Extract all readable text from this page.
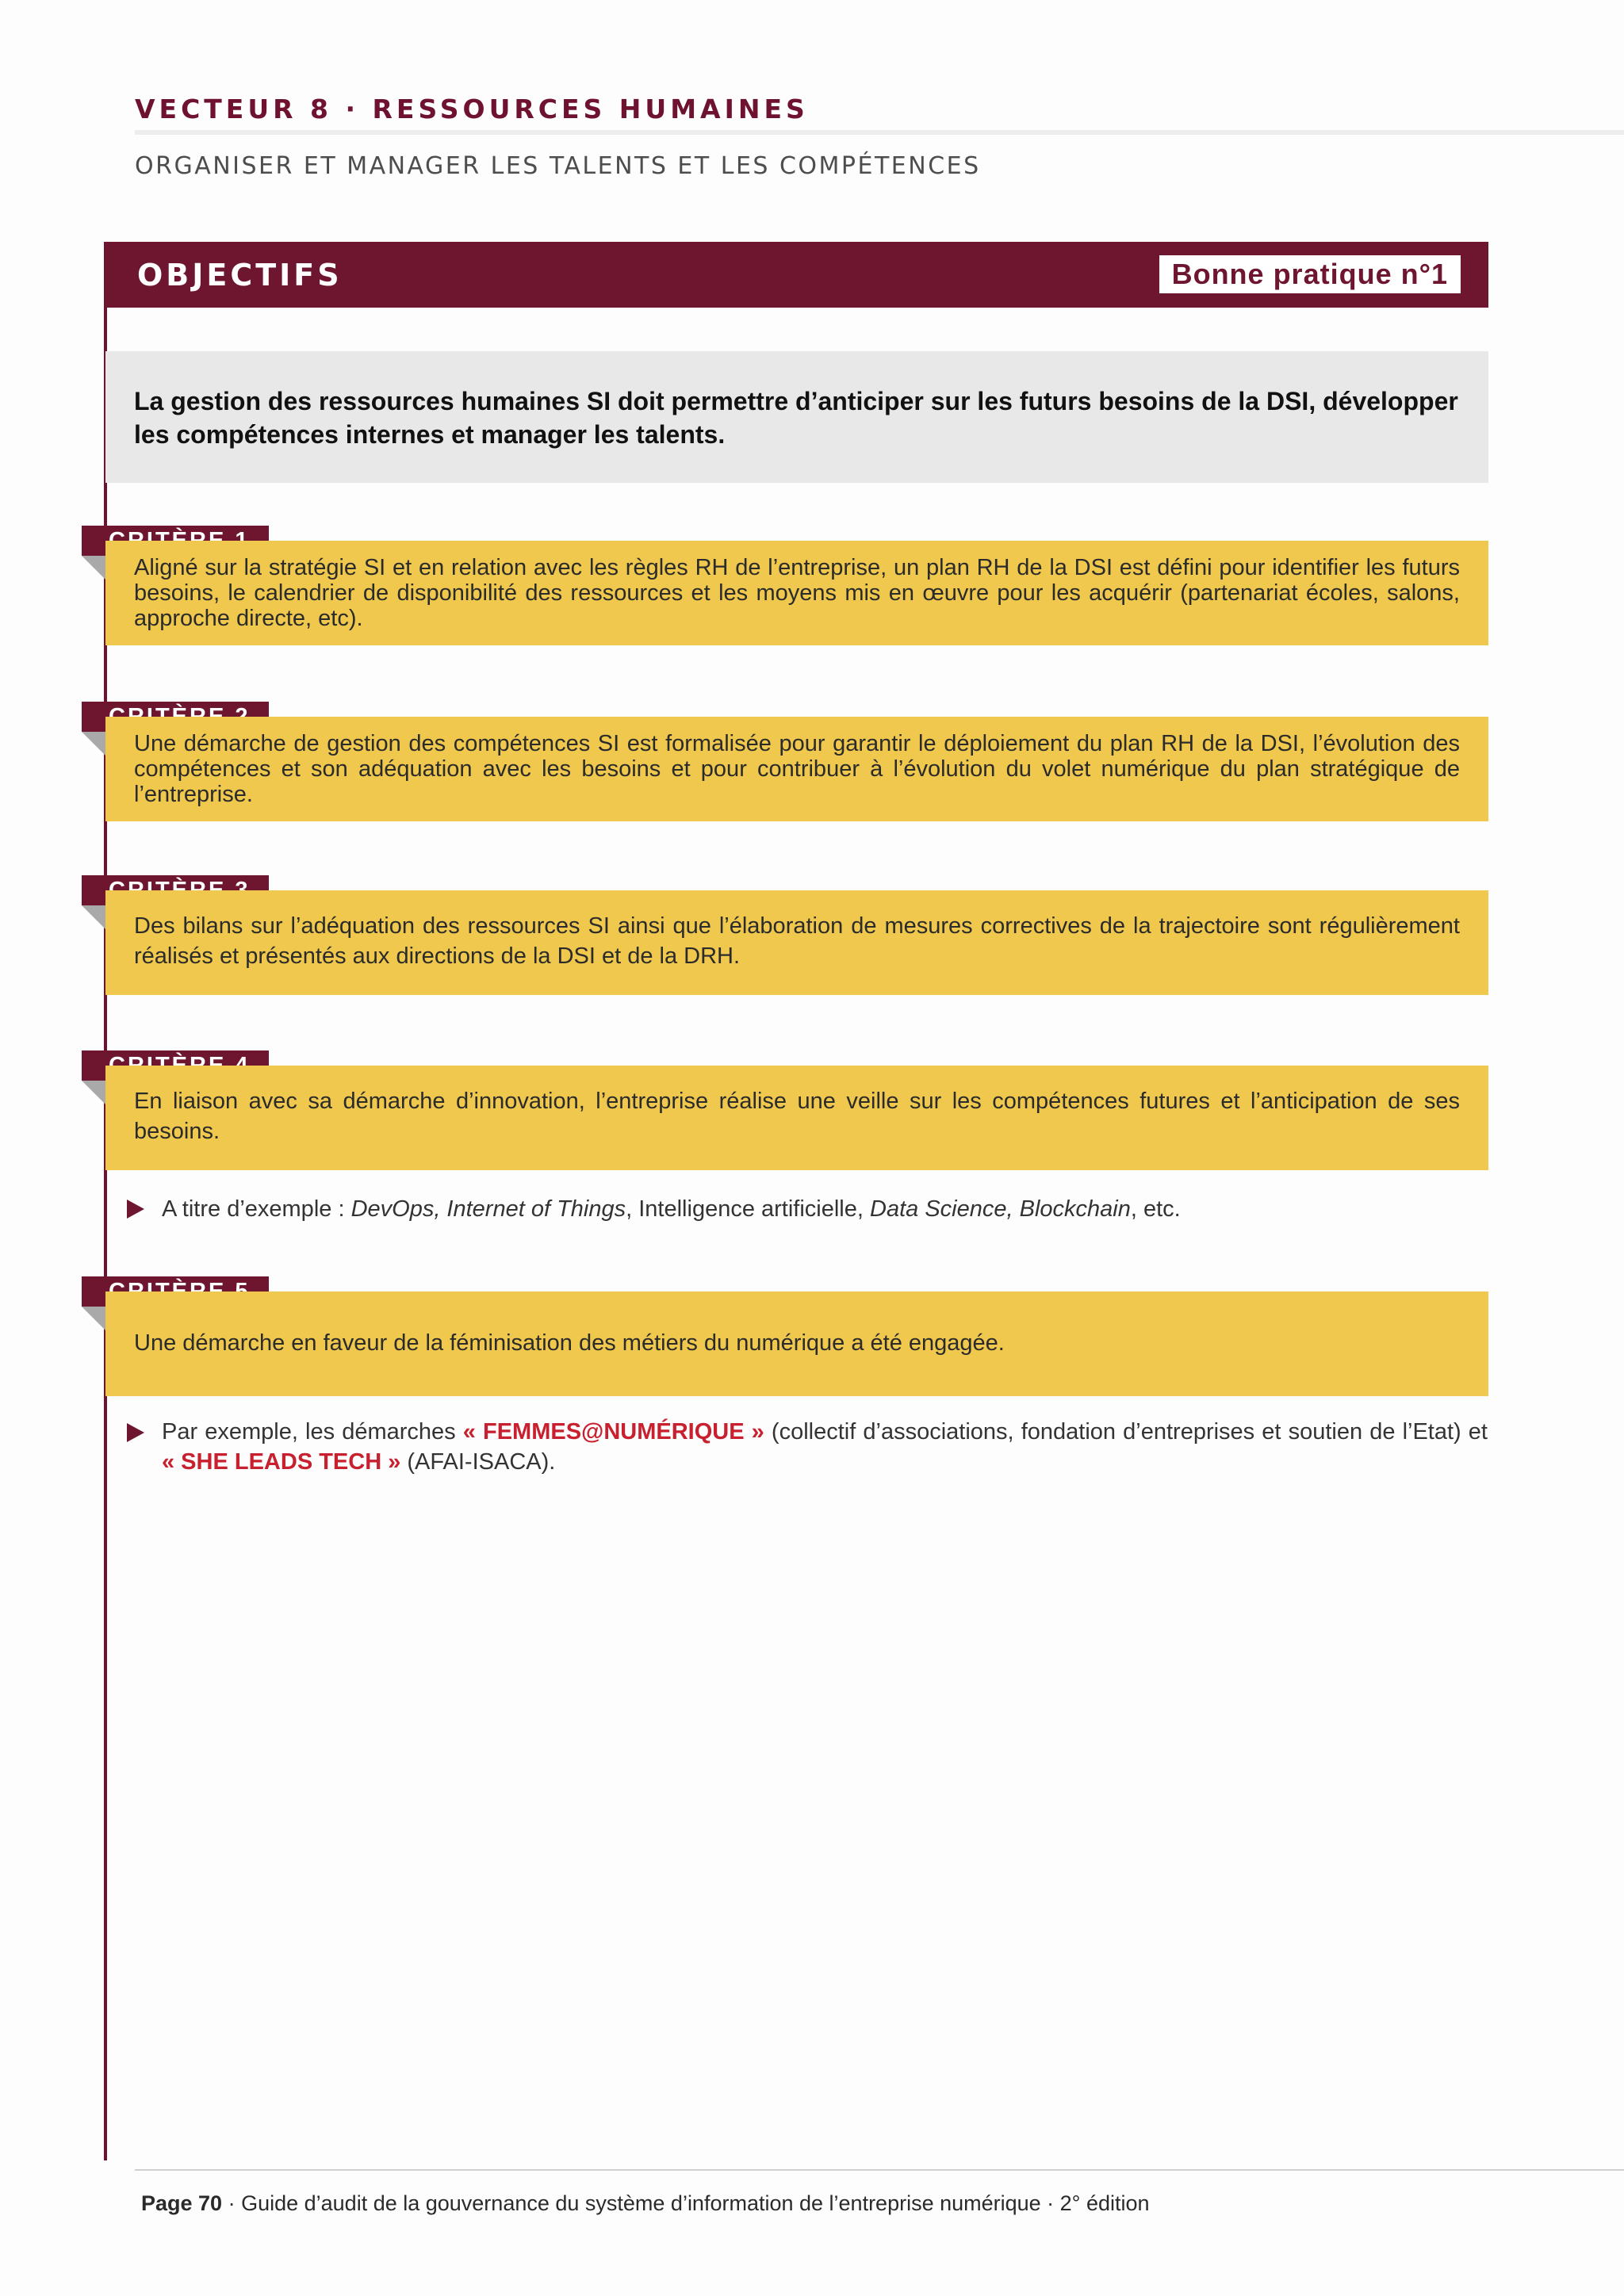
VECTEUR 8 · RESSOURCES HUMAINES
ORGANISER ET MANAGER LES TALENTS ET LES COMPÉTENCES
OBJECTIFS	Bonne pratique n°1
La gestion des ressources humaines SI doit permettre d’anticiper sur les futurs besoins de la DSI, développer les compétences internes et manager les talents.
Aligné sur la stratégie SI et en relation avec les règles RH de l’entreprise, un plan RH de la DSI est défini pour identifier les futurs besoins, le calendrier de disponibilité des ressources et les moyens mis en œuvre pour les acquérir (partenariat écoles, salons, approche directe, etc).
Une démarche de gestion des compétences SI est formalisée pour garantir le déploiement du plan RH de la DSI, l’évolution des compétences et son adéquation avec les besoins et pour contribuer à l’évolution du volet numérique du plan stratégique de l’entreprise.
Des bilans sur l’adéquation des ressources SI ainsi que l’élaboration de mesures correctives de la trajectoire sont régulièrement réalisés et présentés aux directions de la DSI et de la DRH.
En liaison avec sa démarche d’innovation, l’entreprise réalise une veille sur les compétences futures et l’anticipation de ses besoins.
A titre d’exemple : DevOps, Internet of Things, Intelligence artificielle, Data Science, Blockchain, etc.
Une démarche en faveur de la féminisation des métiers du numérique a été engagée.
Par exemple, les démarches « FEMMES@NUMÉRIQUE » (collectif d’associations, fondation d’entreprises et soutien de l’Etat) et « SHE LEADS TECH » (AFAI-ISACA).
Page 70 · Guide d’audit de la gouvernance du système d’information de l’entreprise numérique · 2° édition
